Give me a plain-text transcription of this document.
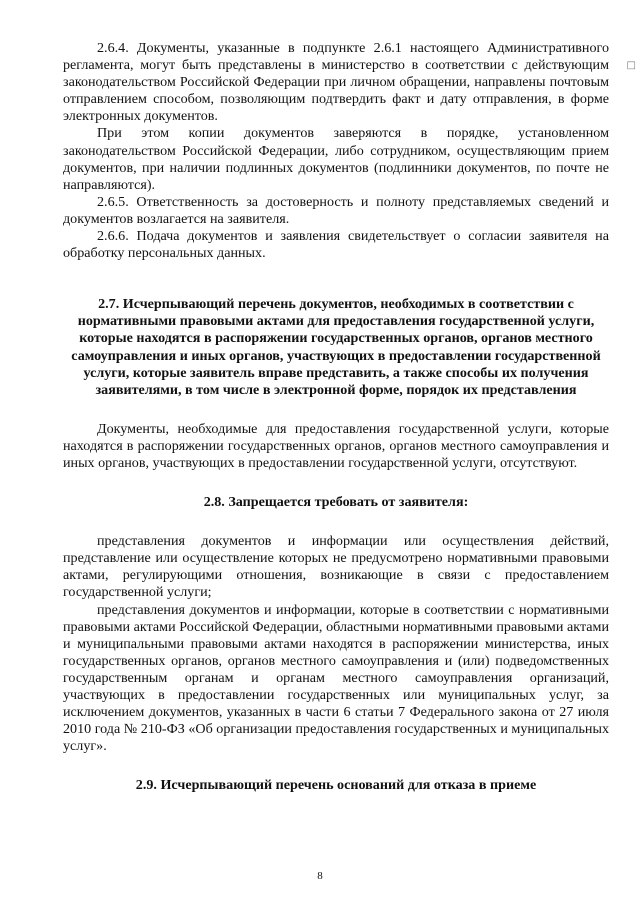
□

2.6.4. Документы, указанные в подпункте 2.6.1 настоящего Административного регламента, могут быть представлены в министерство в соответствии с действующим законодательством Российской Федерации при личном обращении, направлены почтовым отправлением способом, позволяющим подтвердить факт и дату отправления, в форме электронных документов.

При этом копии документов заверяются в порядке, установленном законодательством Российской Федерации, либо сотрудником, осуществляющим прием документов, при наличии подлинных документов (подлинники документов, по почте не направляются).

2.6.5. Ответственность за достоверность и полноту представляемых сведений и документов возлагается на заявителя.

2.6.6. Подача документов и заявления свидетельствует о согласии заявителя на обработку персональных данных.

2.7. Исчерпывающий перечень документов, необходимых в соответствии с нормативными правовыми актами для предоставления государственной услуги, которые находятся в распоряжении государственных органов, органов местного самоуправления и иных органов, участвующих в предоставлении государственной услуги, которые заявитель вправе представить, а также способы их получения заявителями, в том числе в электронной форме, порядок их представления

Документы, необходимые для предоставления государственной услуги, которые находятся в распоряжении государственных органов, органов местного самоуправления и иных органов, участвующих в предоставлении государственной услуги, отсутствуют.

2.8. Запрещается требовать от заявителя:

представления документов и информации или осуществления действий, представление или осуществление которых не предусмотрено нормативными правовыми актами, регулирующими отношения, возникающие в связи с предоставлением государственной услуги;

представления документов и информации, которые в соответствии с нормативными правовыми актами Российской Федерации, областными нормативными правовыми актами и муниципальными правовыми актами находятся в распоряжении министерства, иных государственных органов, органов местного самоуправления и (или) подведомственных государственным органам и органам местного самоуправления организаций, участвующих в предоставлении государственных или муниципальных услуг, за исключением документов, указанных в части 6 статьи 7 Федерального закона от 27 июля 2010 года № 210-ФЗ «Об организации предоставления государственных и муниципальных услуг».

2.9. Исчерпывающий перечень оснований для отказа в приеме

8
